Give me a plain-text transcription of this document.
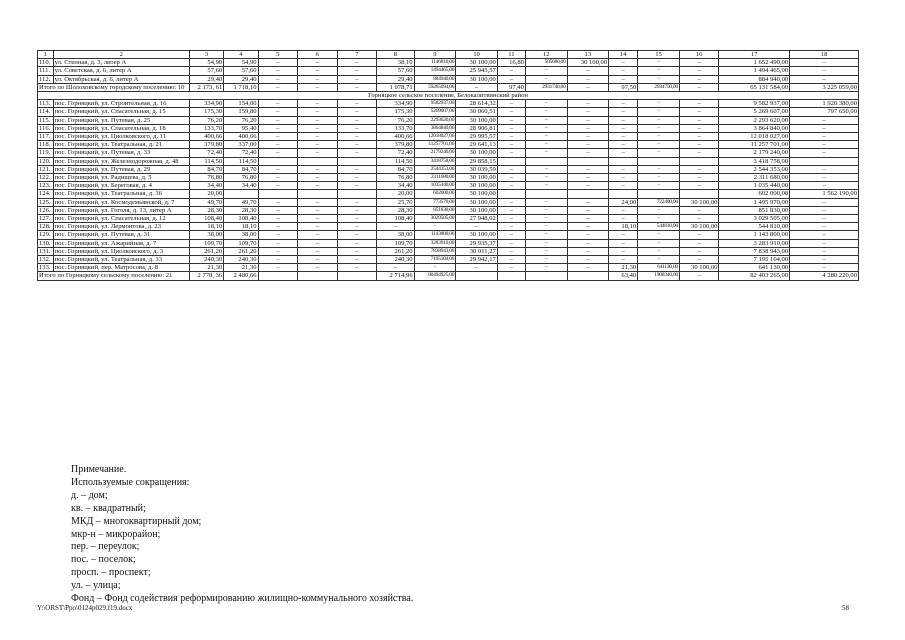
1	2	3	4	5	6	7	8	9	10	11	12	13	14	15	16	17	18
110.	ул. Степная, д. 3, литер А	54,90	54,90	–	–	–	38,10	1146810,00	30 100,00	16,80	505680,00	30 100,00	–	–	–	1 652 490,00	–
111.	ул. Советская, д. 6, литер А	57,60	57,60	–	–	–	57,60	1494465,00	25 945,57	–	–	–	–	–	–	1 494 465,00	–
112.	ул. Октябрьская, д. 6, литер А	29,40	29,40	–	–	–	29,40	884940,00	30 100,00	–	–	–	–	–	–	884 940,00	–
Итого по Шолоховскому городскому поселению: 10		2 173, 61	1 718,10	–	–	–	1 978,71	59265094,00	–	97,40	2931740,00	–	97,50	2934750,00	–	65 131 584,00	3 225 059,00
Горняцкое сельское поселение, Белокалитвинский район																	
113.	пос. Горняцкий, ул. Строительная, д. 16	334,90	154,00	–	–	–	334,90	9582937,00	28 614,32	–	–	–	–	–	–	9 582 937,00	1 920 380,00
114.	пос. Горняцкий, ул. Спасательная, д. 15	175,30	159,80	–	–	–	175,30	5269607,00	30 060,51	–	–	–	–	–	–	5 269 607,00	797 650,00
115.	пос. Горняцкий, ул. Путевая, д. 25	76,20	76,20	–	–	–	76,20	2293620,00	30 100,00	–	–	–	–	–	–	2 293 620,00	–
116.	пос. Горняцкий, ул. Спасательная, д. 18	133,70	95,40	–	–	–	133,70	3864840,00	28 906,81	–	–	–	–	–	–	3 864 840,00	–
117.	пос. Горняцкий, ул. Циолковского, д. 11	400,66	400,66	–	–	–	400,66	12018027,00	29 995,57	–	–	–	–	–	–	12 018 027,00	–
118.	пос. Горняцкий, ул. Театральная, д. 21	379,80	337,00	–	–	–	379,80	11257701,00	29 641,13	–	–	–	–	–	–	11 257 701,00	–
119.	пос. Горняцкий, ул. Путевая, д. 33	72,40	72,40	–	–	–	72,40	2179240,00	30 100,00	–	–	–	–	–	–	2 179 240,00	–
120.	пос. Горняцкий, ул. Железнодорожная, д. 48	114,50	114,50				114,50	3418758,00	29 858,15							3 418 758,00	
121.	пос. Горняцкий, ул. Путевая, д. 29	84,70	84,70	–	–	–	84,70	2544353,00	30 039,59	–	–	–	–	–	–	2 544 353,00	–
122.	пос. Горняцкий, ул. Радищева, д. 5	76,80	76,80	–	–	–	76,80	2311680,00	30 100,00	–	–	–	–	–	–	2 311 680,00	–
123.	пос. Горняцкий, ул. Береговая, д. 4	34,40	34,40	–	–	–	34,40	1035440,00	30 100,00	–	–	–	–	–	–	1 035 440,00	–
124.	пос. Горняцкий, ул. Театральная, д. 36	20,00					20,00	602000,00	30 100,00							602 000,00	1 562 190,00
125.	пос. Горняцкий, ул. Космодемьянской, д. 7	49,70	49,70	–	–	–	25,70	773570,00	30 100,00	–	–	–	24,00	722400,00	30 100,00	1 495 970,00	–
126.	пос. Горняцкий, ул. Гоголя, д. 13, литер А	28,30	28,30	–	–	–	28,30	851830,00	30 100,00	–	–	–	–	–	–	851 830,00	–
127.	пос. Горняцкий, ул. Спасательная, д. 12	108,40	108,40	–	–	–	108,40	3029505,00	27 948,02	–	–	–	–	–	–	3 029 505,00	–
128.	пос. Горняцкий, ул. Лермонтова, д. 23	18,10	18,10	–	–	–	–	–	–	–	–	–	18,10	544810,00	30 100,00	544 810,00	–
129.	пос. Горняцкий, ул. Путевая, д. 31	38,00	38,00	–	–	–	38,00	1143800,00	30 100,00	–	–	–	–	–	–	1 143 800,00	–
130.	пос. Горняцкий, ул. Ажарийная, д. 7	109,70	109,70	–	–	–	109,70	3283910,00	29 935,37	–	–	–	–	–	–	3 283 910,00	–
131.	пос. Горняцкий, ул. Циолковского, д. 3	261,20	261,20	–	–	–	261,20	7838943,00	30 011,27	–	–	–	–	–	–	7 838 943,00	–
132.	пос. Горняцкий, ул. Театральная, д. 33	240,30	240,30	–	–	–	240,30	7195104,00	29 942,17	–	–	–	–	–	–	7 195 104,00	–
133.	пос. Горняцкий, пер. Матросова, д. 8	21,30	21,30	–	–	–	–	–	–	–	–	–	21,30	641130,00	30 100,00	641 130,00	–
Итого по Горняцкому сельскому поселению: 21		2 778, 36	2 480,66				2 714,96	80494925,00					63,40	1908340,00	–	82 403 265,00	4 280 220,00
Примечание.
Используемые сокращения:
д. – дом;
кв. – квадратный;
МКД – многоквартирный дом;
мкр-н – микрорайон;
пер. – переулок;
пос. – поселок;
просп. – проспект;
ул. – улица;
Фонд – Фонд содействия реформированию жилищно-коммунального хозяйства.
Y:\ORST\Ppo\0124p029.f19.docx	58
